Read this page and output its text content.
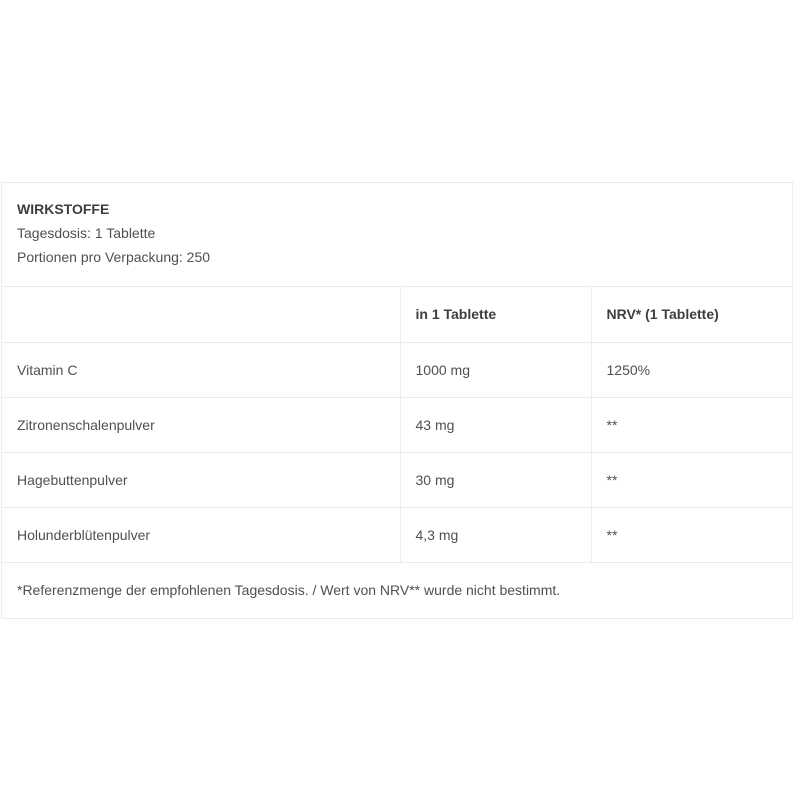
WIRKSTOFFE
Tagesdosis: 1 Tablette
Portionen pro Verpackung: 250
	in 1 Tablette	NRV* (1 Tablette)
Vitamin C	1000 mg	1250%
Zitronenschalenpulver	43 mg	**
Hagebuttenpulver	30 mg	**
Holunderblütenpulver	4,3 mg	**
*Referenzmenge der empfohlenen Tagesdosis. / Wert von NRV** wurde nicht bestimmt.
